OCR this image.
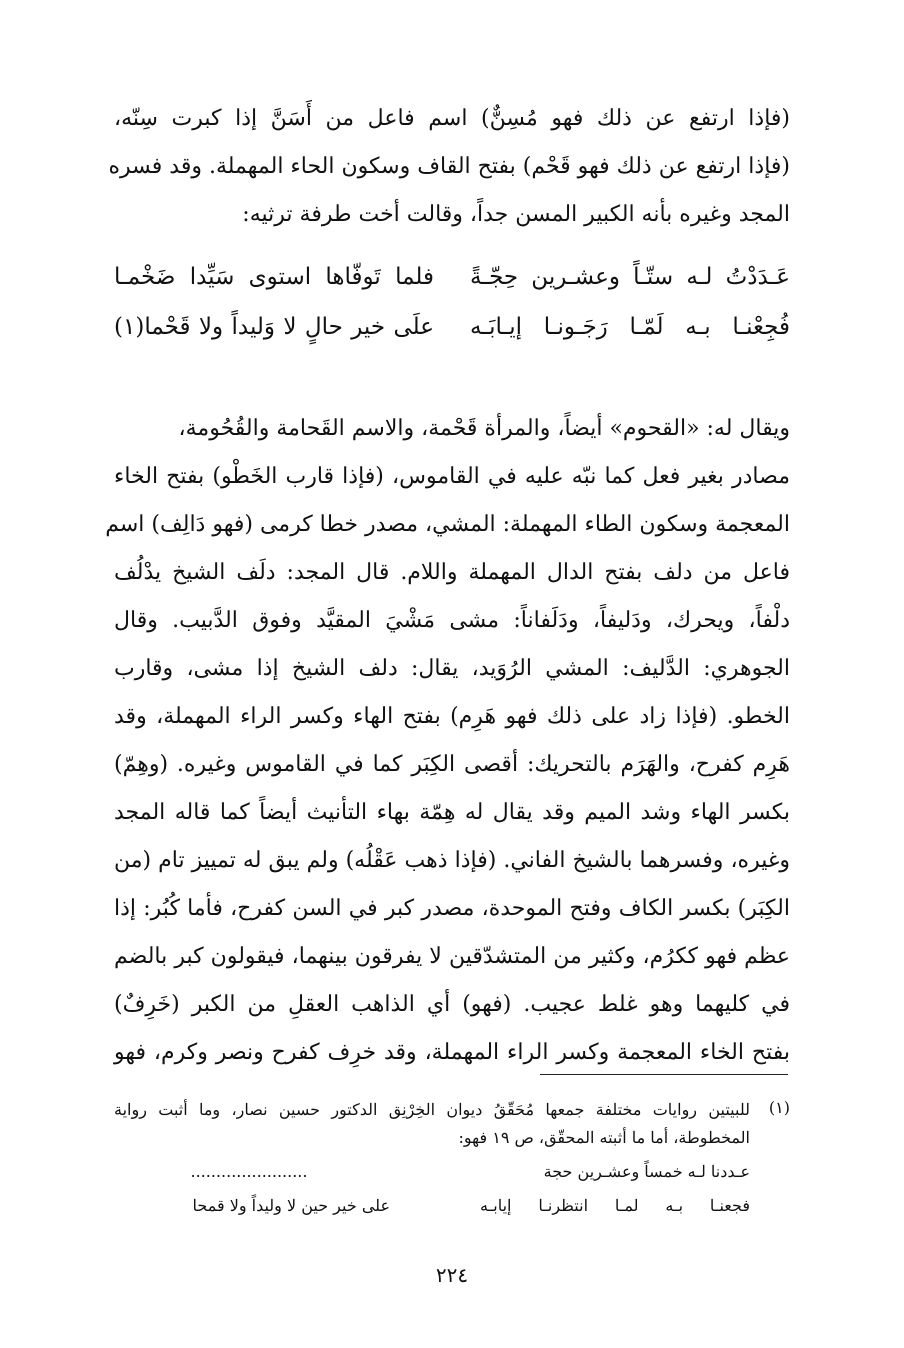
(فإذا ارتفع عن ذلك فهو مُسِنٌّ) اسم فاعل من أَسَنَّ إذا كبرت سِنّه،
(فإذا ارتفع عن ذلك فهو قَحْم) بفتح القاف وسكون الحاء المهملة. وقد فسره
المجد وغيره بأنه الكبير المسن جداً، وقالت أخت طرفة ترثيه:
عَـدَدْتُ لـه ستّـاً وعشـرين حِجّـةً
فلما تَوفّاها استوى سَيِّدا ضَخْمـا
فُجِعْنـا بـه لَمّـا رَجَـونـا إيـابَـه
علَى خير حالٍ لا وَليداً ولا قَحْما(١)
ويقال له: «القحوم» أيضاً، والمرأة قَحْمة، والاسم القَحامة والقُحُومة،
مصادر بغير فعل كما نبّه عليه في القاموس، (فإذا قارب الخَطْو) بفتح الخاء
المعجمة وسكون الطاء المهملة: المشي، مصدر خطا كرمى (فهو دَالِف) اسم
فاعل من دلف بفتح الدال المهملة واللام. قال المجد: دلَف الشيخ يدْلُف
دلْفاً، ويحرك، ودَليفاً، ودَلَفاناً: مشى مَشْيَ المقيَّد وفوق الدَّبيب. وقال
الجوهري: الدَّليف: المشي الرُوَيد، يقال: دلف الشيخ إذا مشى، وقارب
الخطو. (فإذا زاد على ذلك فهو هَرِم) بفتح الهاء وكسر الراء المهملة، وقد
هَرِم كفرح، والهَرَم بالتحريك: أقصى الكِبَر كما في القاموس وغيره. (وهِمّ)
بكسر الهاء وشد الميم وقد يقال له هِمّة بهاء التأنيث أيضاً كما قاله المجد
وغيره، وفسرهما بالشيخ الفاني. (فإذا ذهب عَقْلُه) ولم يبق له تمييز تام (من
الكِبَر) بكسر الكاف وفتح الموحدة، مصدر كبر في السن كفرح، فأما كُبُر: إذا
عظم فهو ككرُم، وكثير من المتشدّقين لا يفرقون بينهما، فيقولون كبر بالضم
في كليهما وهو غلط عجيب. (فهو) أي الذاهب العقلِ من الكبر (خَرِفٌ)
بفتح الخاء المعجمة وكسر الراء المهملة، وقد خرِف كفرح ونصر وكرم، فهو
(١)
للبيتين روايات مختلفة جمعها مُحَقّقُ ديوان الخِرْنِق الدكتور حسين نصار، وما أثبت رواية
المخطوطة، أما ما أثبته المحقّق، ص ١٩ فهو:
عـددنا لـه خمساً وعشـرين حجة
.......................
فجعنـا بـه لمـا انتظرنـا إيابـه
على خير حين لا وليداً ولا قمحا
٢٢٤
